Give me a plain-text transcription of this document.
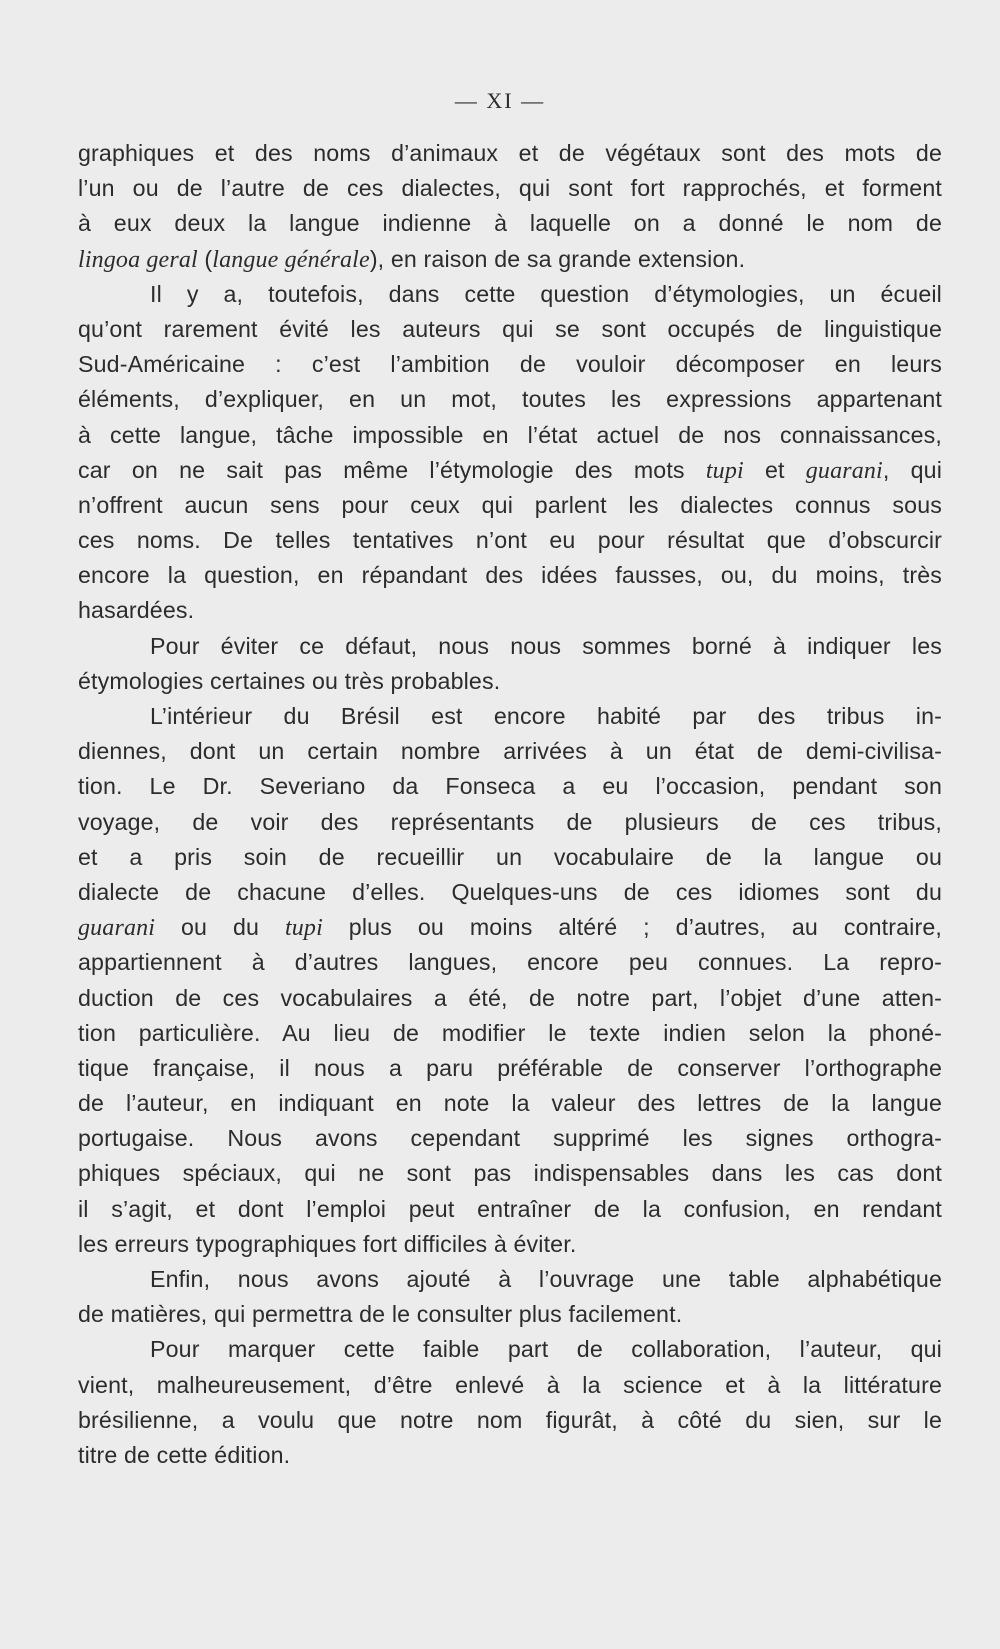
— XI —
graphiques et des noms d’animaux et de végétaux sont des mots de
l’un ou de l’autre de ces dialectes, qui sont fort rapprochés, et forment
à eux deux la langue indienne à laquelle on a donné le nom de
lingoa geral (langue générale), en raison de sa grande extension.
Il y a, toutefois, dans cette question d’étymologies, un écueil
qu’ont rarement évité les auteurs qui se sont occupés de linguistique
Sud-Américaine : c’est l’ambition de vouloir décomposer en leurs
éléments, d’expliquer, en un mot, toutes les expressions appartenant
à cette langue, tâche impossible en l’état actuel de nos connaissances,
car on ne sait pas même l’étymologie des mots tupi et guarani, qui
n’offrent aucun sens pour ceux qui parlent les dialectes connus sous
ces noms. De telles tentatives n’ont eu pour résultat que d’obscurcir
encore la question, en répandant des idées fausses, ou, du moins, très
hasardées.
Pour éviter ce défaut, nous nous sommes borné à indiquer les
étymologies certaines ou très probables.
L’intérieur du Brésil est encore habité par des tribus in-
diennes, dont un certain nombre arrivées à un état de demi-civilisa-
tion. Le Dr. Severiano da Fonseca a eu l’occasion, pendant son
voyage, de voir des représentants de plusieurs de ces tribus,
et a pris soin de recueillir un vocabulaire de la langue ou
dialecte de chacune d’elles. Quelques-uns de ces idiomes sont du
guarani ou du tupi plus ou moins altéré ; d’autres, au contraire,
appartiennent à d’autres langues, encore peu connues. La repro-
duction de ces vocabulaires a été, de notre part, l’objet d’une atten-
tion particulière. Au lieu de modifier le texte indien selon la phoné-
tique française, il nous a paru préférable de conserver l’orthographe
de l’auteur, en indiquant en note la valeur des lettres de la langue
portugaise. Nous avons cependant supprimé les signes orthogra-
phiques spéciaux, qui ne sont pas indispensables dans les cas dont
il s’agit, et dont l’emploi peut entraîner de la confusion, en rendant
les erreurs typographiques fort difficiles à éviter.
Enfin, nous avons ajouté à l’ouvrage une table alphabétique
de matières, qui permettra de le consulter plus facilement.
Pour marquer cette faible part de collaboration, l’auteur, qui
vient, malheureusement, d’être enlevé à la science et à la littérature
brésilienne, a voulu que notre nom figurât, à côté du sien, sur le
titre de cette édition.
